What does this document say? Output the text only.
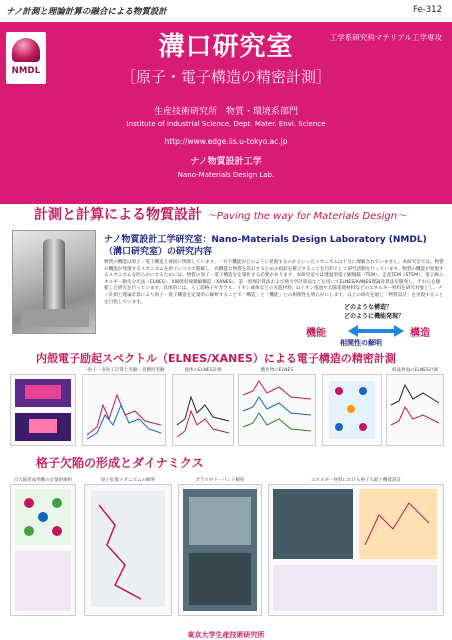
ナノ計測と理論計算の融合による物質設計	Fe-312
NMDL
溝口研究室	工学系研究科マテリアル工学専攻
［原子・電子構造の精密計測］
生産技術研究所　物質・環境系部門
Institute of Industrial Science, Dept. Mater. Envi. Science
http://www.edge.iis.u-tokyo.ac.jp
ナノ物質設計工学
Nano-Materials Design Lab.
計測と計算による物質設計 ～Paving the way for Materials Design～
ナノ物質設計工学研究室：Nano-Materials Design Laboratory (NMDL)
（溝口研究室）の研究内容
物質の機能は原子・電子構造と密接に関係しています。一方で機能がどのように発現するのかといったメカニズムは十分に理解されていません。本研究室では、物質の機能が発現するメカニズムを原子レベルで理解し、高機能な物質を設計するための指針を確立することを目的として研究活動を行っています。物質の機能が発現するメカニズムを明らかにするためには、物質の原子・電子構造を定量化する必要があります。本研究室では透過型電子顕微鏡（TEM）、走査TEM（STEM）、電子線エネルギー損失分光法（ELNES）、X線吸収端微細構造（XANES）、第一原理計算法および熱力学計算法などを用いてELNES/XANES理論計算法を開発し、それらを駆使した研究を行っています。具体的には、人工超格子やガラス、イオン液体などの先進材料、Liイオン電池や太陽電池材料などのエネルギー材料を研究対象とし、ナノ計測と理論計算により原子・電子構造を定量的に解析することで「構造」と「機能」との相関性を明らかにします。以上の研究を通じ「物質設計」を実現することを目指しています。
どのような構造？
どのように機能発現？
機能	構造
相関性の解明
内殻電子励起スペクトル（ELNES/XANES）による電子構造の精密計測
一粒子・多粒子計算と実験・高精度実験	液体のELNES計測	酸化物のELNES	結晶界面のELNES計測
格子欠陥の形成とダイナミクス
点欠陥形成挙動の定量的解析	原子拡散メカニズムの解明	ガラス中ドーパント解析	エネルギー材料における格子欠陥と機能設計
東京大学生産技術研究所
